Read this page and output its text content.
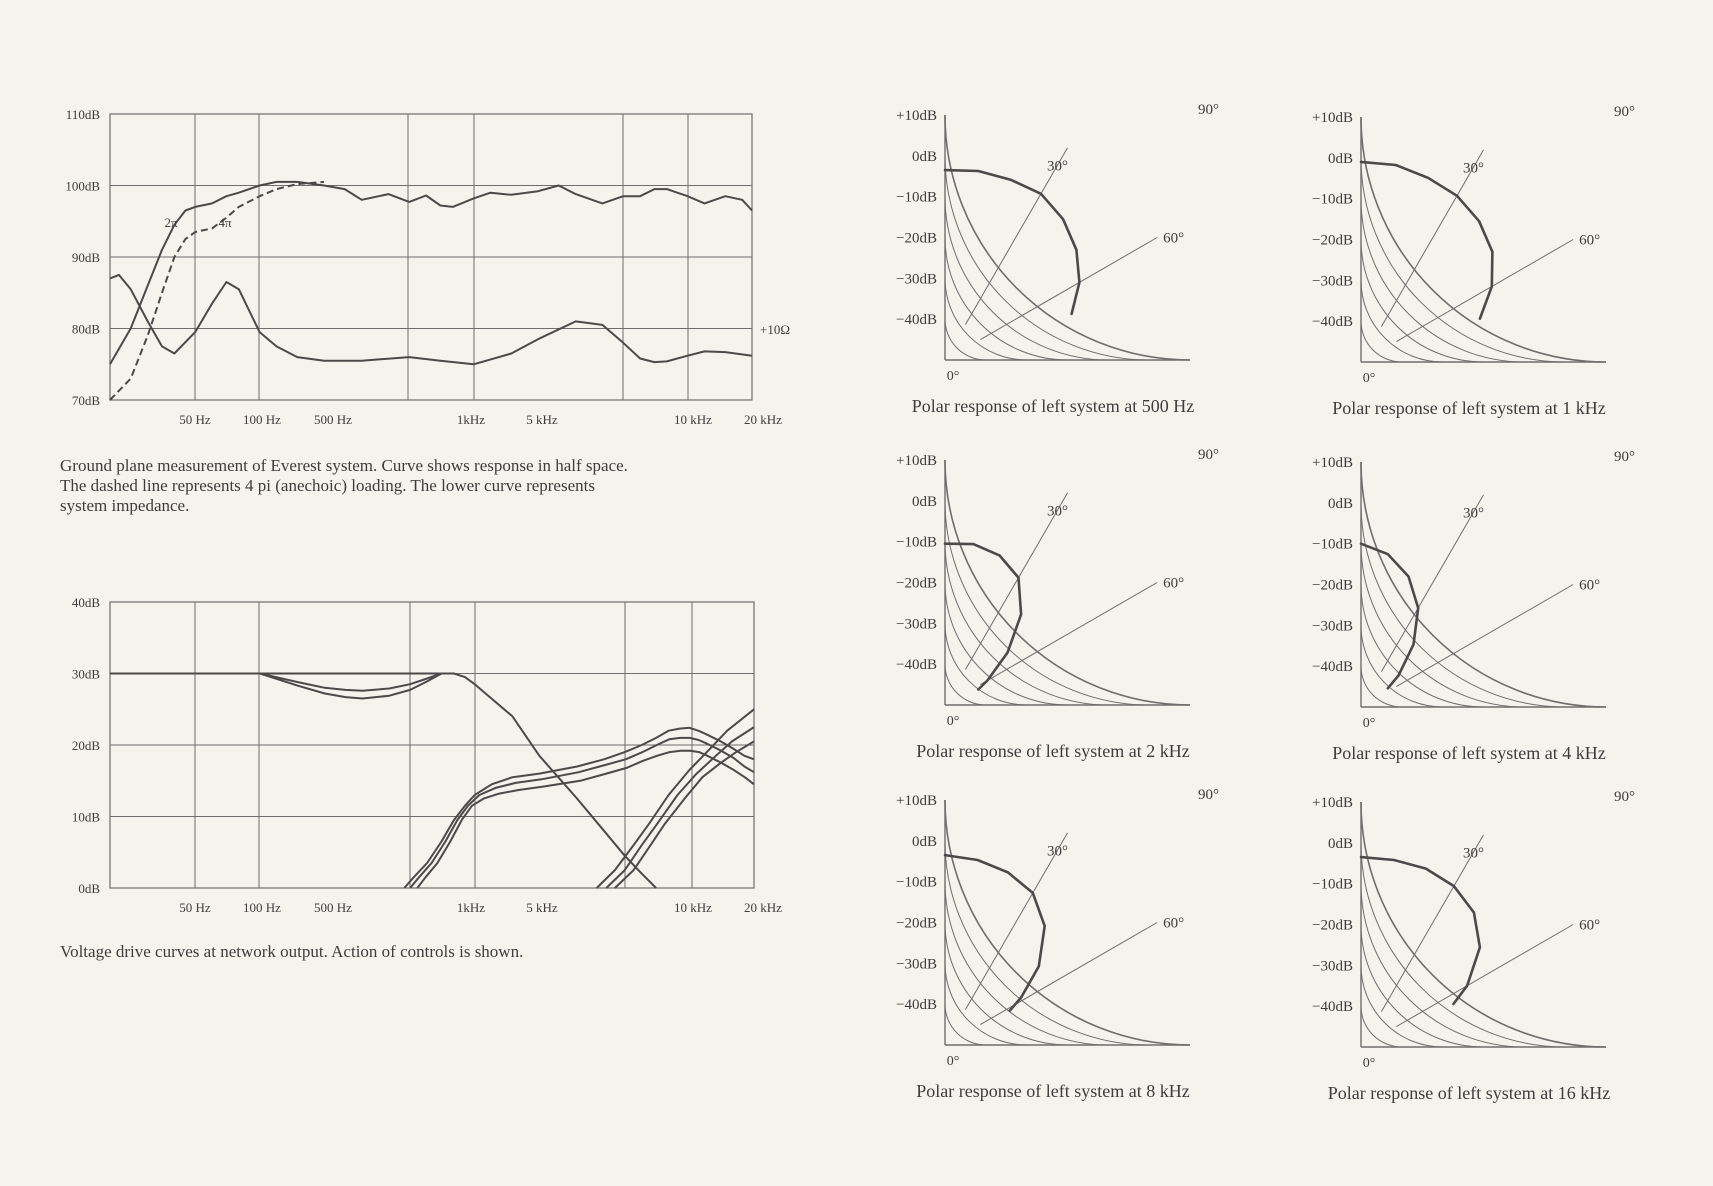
110dB
100dB
90dB
80dB
70dB
50 Hz 100 Hz	500 Hz	1kHz	5 kHz	10 kHz 20 kHz
2π	4π
+10Ω
40dB
30dB
20dB
10dB
0dB
50 Hz 100 Hz	500 Hz	1kHz	5 kHz	10 kHz 20 kHz
−40dB
−30dB
−20dB
−10dB
0dB
+10dB
0°
30°
60°
90°
Polar response of left system at 500 Hz
−40dB
−30dB
−20dB
−10dB
0dB
+10dB
0°
30°
60°
90°
Polar response of left system at 1 kHz
−40dB
−30dB
−20dB
−10dB
0dB
+10dB
0°
30°
60°
90°
Polar response of left system at 2 kHz
−40dB
−30dB
−20dB
−10dB
0dB
+10dB
0°
30°
60°
90°
Polar response of left system at 4 kHz
−40dB
−30dB
−20dB
−10dB
0dB
+10dB
0°
30°
60°
90°
Polar response of left system at 8 kHz
−40dB
−30dB
−20dB
−10dB
0dB
+10dB
0°
30°
60°
90°
Polar response of left system at 16 kHz

Ground plane measurement of Everest system. Curve shows response in half space.
The dashed line represents 4 pi (anechoic) loading. The lower curve represents
system impedance.

Voltage drive curves at network output. Action of controls is shown.
